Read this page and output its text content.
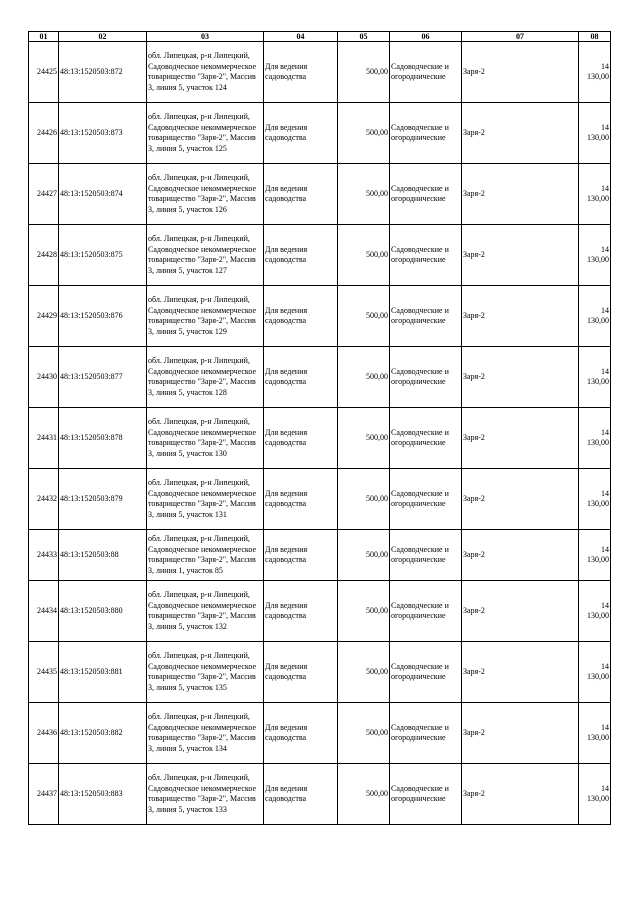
01	02	03	04	05	06	07	08
24425	48:13:1520503:872	обл. Липецкая, р-н Липецкий, Садоводческое некоммерческое товарищество "Заря-2", Массив 3, линия 5, участок 124	Для ведения садоводства	500,00	Садоводческие и огороднические	Заря-2	14 130,00
24426	48:13:1520503:873	обл. Липецкая, р-н Липецкий, Садоводческое некоммерческое товарищество "Заря-2", Массив 3, линия 5, участок 125	Для ведения садоводства	500,00	Садоводческие и огороднические	Заря-2	14 130,00
24427	48:13:1520503:874	обл. Липецкая, р-н Липецкий, Садоводческое некоммерческое товарищество "Заря-2", Массив 3, линия 5, участок 126	Для ведения садоводства	500,00	Садоводческие и огороднические	Заря-2	14 130,00
24428	48:13:1520503:875	обл. Липецкая, р-н Липецкий, Садоводческое некоммерческое товарищество "Заря-2", Массив 3, линия 5, участок 127	Для ведения садоводства	500,00	Садоводческие и огороднические	Заря-2	14 130,00
24429	48:13:1520503:876	обл. Липецкая, р-н Липецкий, Садоводческое некоммерческое товарищество "Заря-2", Массив 3, линия 5, участок 129	Для ведения садоводства	500,00	Садоводческие и огороднические	Заря-2	14 130,00
24430	48:13:1520503:877	обл. Липецкая, р-н Липецкий, Садоводческое некоммерческое товарищество "Заря-2", Массив 3, линия 5, участок 128	Для ведения садоводства	500,00	Садоводческие и огороднические	Заря-2	14 130,00
24431	48:13:1520503:878	обл. Липецкая, р-н Липецкий, Садоводческое некоммерческое товарищество "Заря-2", Массив 3, линия 5, участок 130	Для ведения садоводства	500,00	Садоводческие и огороднические	Заря-2	14 130,00
24432	48:13:1520503:879	обл. Липецкая, р-н Липецкий, Садоводческое некоммерческое товарищество "Заря-2", Массив 3, линия 5, участок 131	Для ведения садоводства	500,00	Садоводческие и огороднические	Заря-2	14 130,00
24433	48:13:1520503:88	обл. Липецкая, р-н Липецкий, Садоводческое некоммерческое товарищество "Заря-2", Массив 3, линия 1, участок 85	Для ведения садоводства	500,00	Садоводческие и огороднические	Заря-2	14 130,00
24434	48:13:1520503:880	обл. Липецкая, р-н Липецкий, Садоводческое некоммерческое товарищество "Заря-2", Массив 3, линия 5, участок 132	Для ведения садоводства	500,00	Садоводческие и огороднические	Заря-2	14 130,00
24435	48:13:1520503:881	обл. Липецкая, р-н Липецкий, Садоводческое некоммерческое товарищество "Заря-2", Массив 3, линия 5, участок 135	Для ведения садоводства	500,00	Садоводческие и огороднические	Заря-2	14 130,00
24436	48:13:1520503:882	обл. Липецкая, р-н Липецкий, Садоводческое некоммерческое товарищество "Заря-2", Массив 3, линия 5, участок 134	Для ведения садоводства	500,00	Садоводческие и огороднические	Заря-2	14 130,00
24437	48:13:1520503:883	обл. Липецкая, р-н Липецкий, Садоводческое некоммерческое товарищество "Заря-2", Массив 3, линия 5, участок 133	Для ведения садоводства	500,00	Садоводческие и огороднические	Заря-2	14 130,00
